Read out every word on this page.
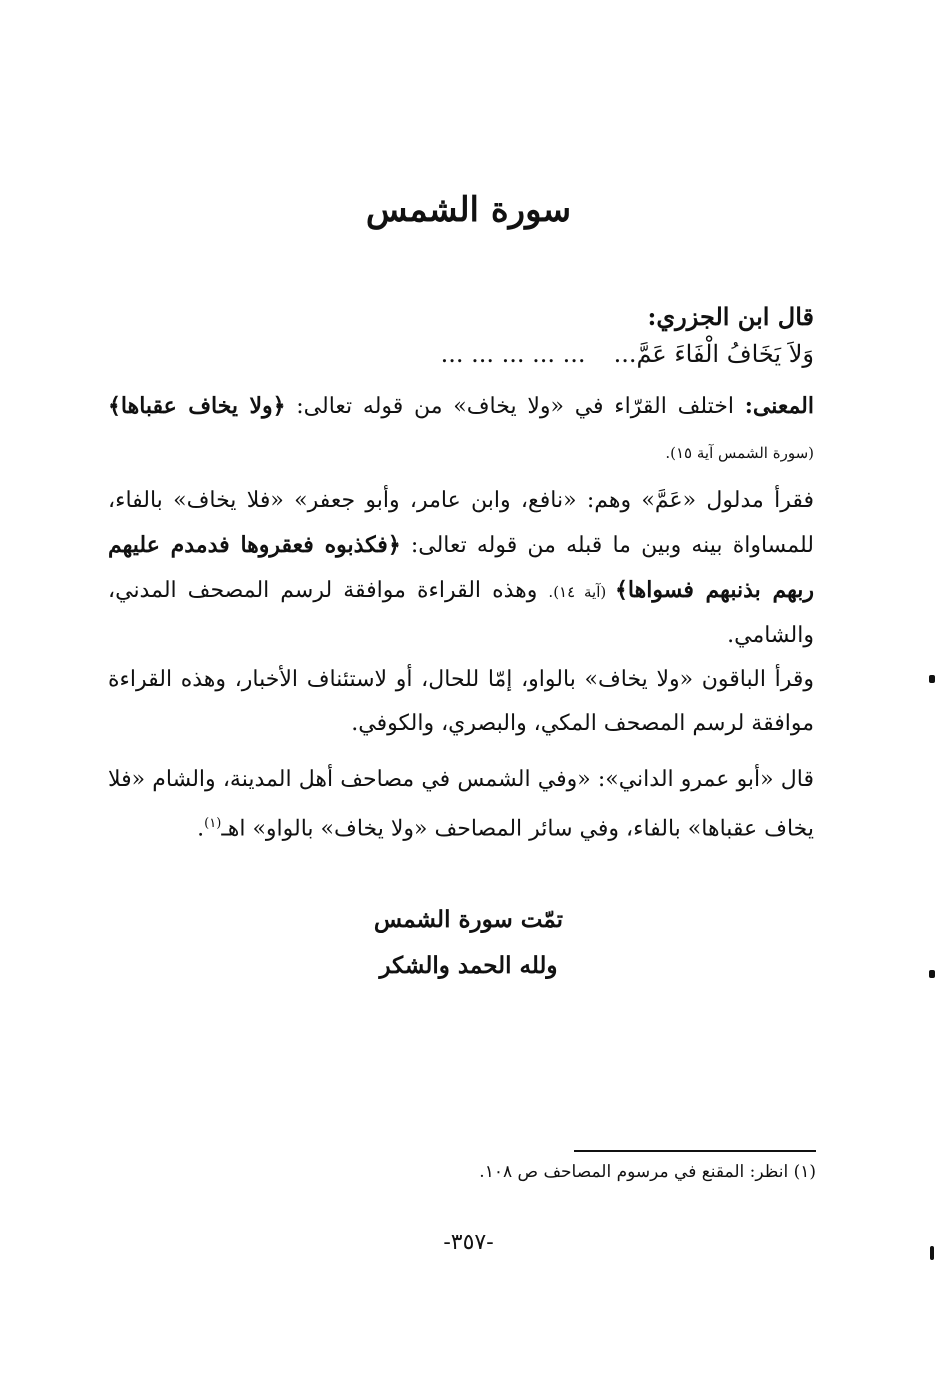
سورة الشمس
قال ابن الجزري:
وَلاَ يَخَافُ الْفَاءَ عَمَّ...... ... ... ... ...
المعنى: اختلف القرّاء في «ولا يخاف» من قوله تعالى: ﴿ولا يخاف عقباها﴾ (سورة الشمس آية ١٥).
فقرأ مدلول «عَمَّ» وهم: «نافع، وابن عامر، وأبو جعفر» «فلا يخاف» بالفاء، للمساواة بينه وبين ما قبله من قوله تعالى: ﴿فكذبوه فعقروها فدمدم عليهم ربهم بذنبهم فسواها﴾ (آية ١٤). وهذه القراءة موافقة لرسم المصحف المدني، والشامي.
وقرأ الباقون «ولا يخاف» بالواو، إمّا للحال، أو لاستئناف الأخبار، وهذه القراءة موافقة لرسم المصحف المكي، والبصري، والكوفي.
قال «أبو عمرو الداني»: «وفي الشمس في مصاحف أهل المدينة، والشام «فلا يخاف عقباها» بالفاء، وفي سائر المصاحف «ولا يخاف» بالواو» اهـ$^{(١)}$.
تمّت سورة الشمس
ولله الحمد والشكر
(١) انظر: المقنع في مرسوم المصاحف ص ١٠٨.
-٣٥٧-
